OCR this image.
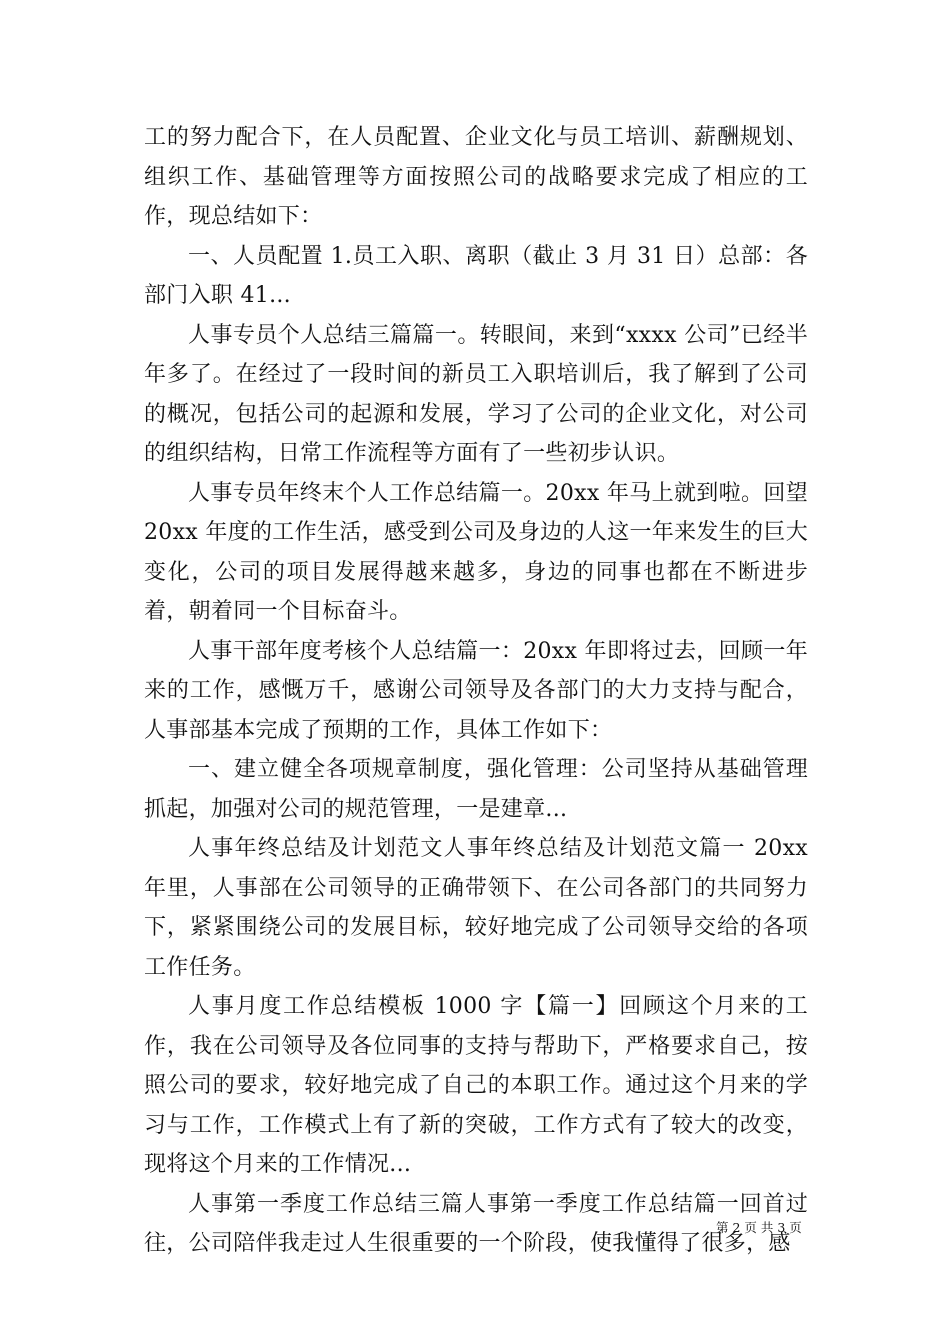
工的努力配合下，在人员配置、企业文化与员工培训、薪酬规划、组织工作、基础管理等方面按照公司的战略要求完成了相应的工作，现总结如下：

一、人员配置 1.员工入职、离职（截止 3 月 31 日）总部：各部门入职 41...

人事专员个人总结三篇篇一。转眼间，来到“xxxx 公司”已经半年多了。在经过了一段时间的新员工入职培训后，我了解到了公司的概况，包括公司的起源和发展，学习了公司的企业文化，对公司的组织结构，日常工作流程等方面有了一些初步认识。

人事专员年终末个人工作总结篇一。20xx 年马上就到啦。回望 20xx 年度的工作生活，感受到公司及身边的人这一年来发生的巨大变化，公司的项目发展得越来越多，身边的同事也都在不断进步着，朝着同一个目标奋斗。

人事干部年度考核个人总结篇一：20xx 年即将过去，回顾一年来的工作，感慨万千，感谢公司领导及各部门的大力支持与配合，人事部基本完成了预期的工作，具体工作如下：

一、建立健全各项规章制度，强化管理：公司坚持从基础管理抓起，加强对公司的规范管理，一是建章...

人事年终总结及计划范文人事年终总结及计划范文篇一 20xx 年里，人事部在公司领导的正确带领下、在公司各部门的共同努力下，紧紧围绕公司的发展目标，较好地完成了公司领导交给的各项工作任务。

人事月度工作总结模板 1000 字【篇一】回顾这个月来的工作，我在公司领导及各位同事的支持与帮助下，严格要求自己，按照公司的要求，较好地完成了自己的本职工作。通过这个月来的学习与工作，工作模式上有了新的突破，工作方式有了较大的改变，现将这个月来的工作情况...

人事第一季度工作总结三篇人事第一季度工作总结篇一回首过往，公司陪伴我走过人生很重要的一个阶段，使我懂得了很多，感

第 2 页 共 3 页
